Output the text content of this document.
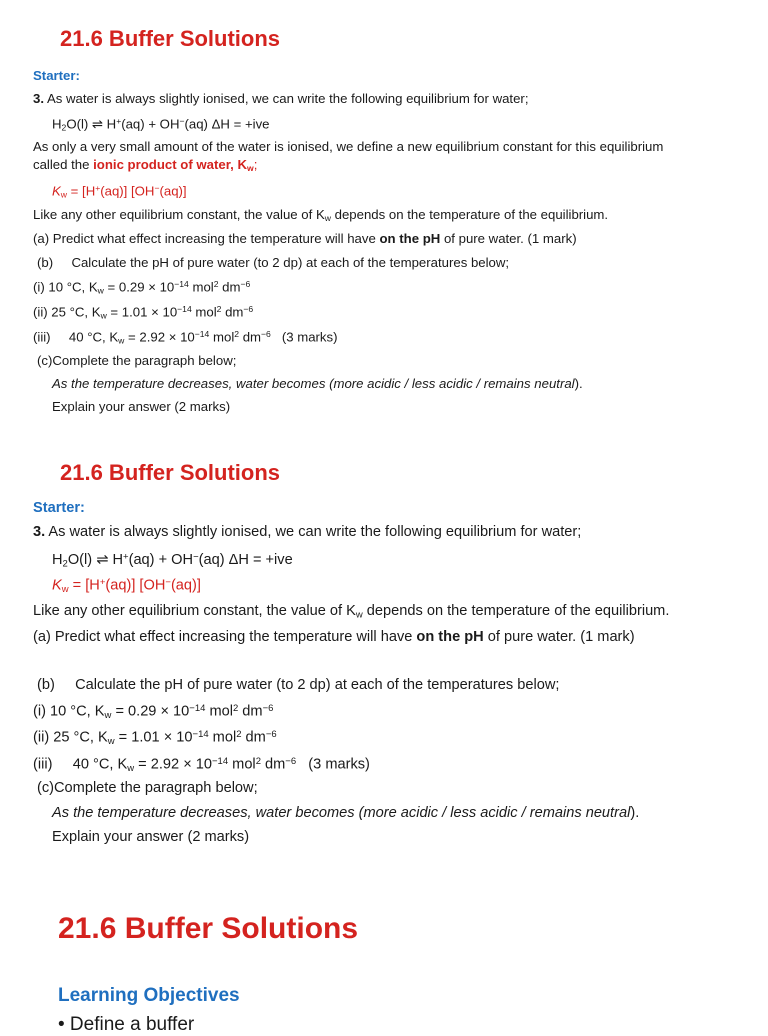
21.6 Buffer Solutions
Starter:
3. As water is always slightly ionised, we can write the following equilibrium for water;
$H_2O(l)$ ⇌ H+(aq) + OH−(aq) ΔH = +ive
As only a very small amount of the water is ionised, we define a new equilibrium constant for this equilibrium
called the ionic product of water, $K_w$;
$K_w = [H^+(aq)]$ [OH−(aq)]
Like any other equilibrium constant, the value of $K_w$ depends on the temperature of the equilibrium.
(a) Predict what effect increasing the temperature will have on the pH of pure water. (1 mark)
(b) Calculate the pH of pure water (to 2 dp) at each of the temperatures below;
(i) 10 °C, $K_w = 0.29 \times 10^{-14}$ mol$^2$ $dm^{-6}$
(ii) 25 °C, $K_w = 1.01 \times 10^{-14}$ mol$^2$ $dm^{-6}$
(iii) 40 °C, $K_w = 2.92 \times 10^{-14}$ mol$^2$ $dm^{-6}$ (3 marks)
(c)Complete the paragraph below;
As the temperature decreases, water becomes (more acidic / less acidic / remains neutral).
Explain your answer (2 marks)
21.6 Buffer Solutions
Starter:
3. As water is always slightly ionised, we can write the following equilibrium for water;
$H_2O(l)$ ⇌ H+(aq) + OH−(aq) ΔH = +ive
$K_w = [H^+(aq)]$ [OH−(aq)]
Like any other equilibrium constant, the value of $K_w$ depends on the temperature of the equilibrium.
(a) Predict what effect increasing the temperature will have on the pH of pure water. (1 mark)
(b) Calculate the pH of pure water (to 2 dp) at each of the temperatures below;
(i) 10 °C, $K_w = 0.29 \times 10^{-14}$ mol$^2$ $dm^{-6}$
(ii) 25 °C, $K_w = 1.01 \times 10^{-14}$ mol$^2$ $dm^{-6}$
(iii) 40 °C, $K_w = 2.92 \times 10^{-14}$ mol$^2$ $dm^{-6}$ (3 marks)
(c)Complete the paragraph below;
As the temperature decreases, water becomes (more acidic / less acidic / remains neutral).
Explain your answer (2 marks)
21.6 Buffer Solutions
Learning Objectives
• Define a buffer
